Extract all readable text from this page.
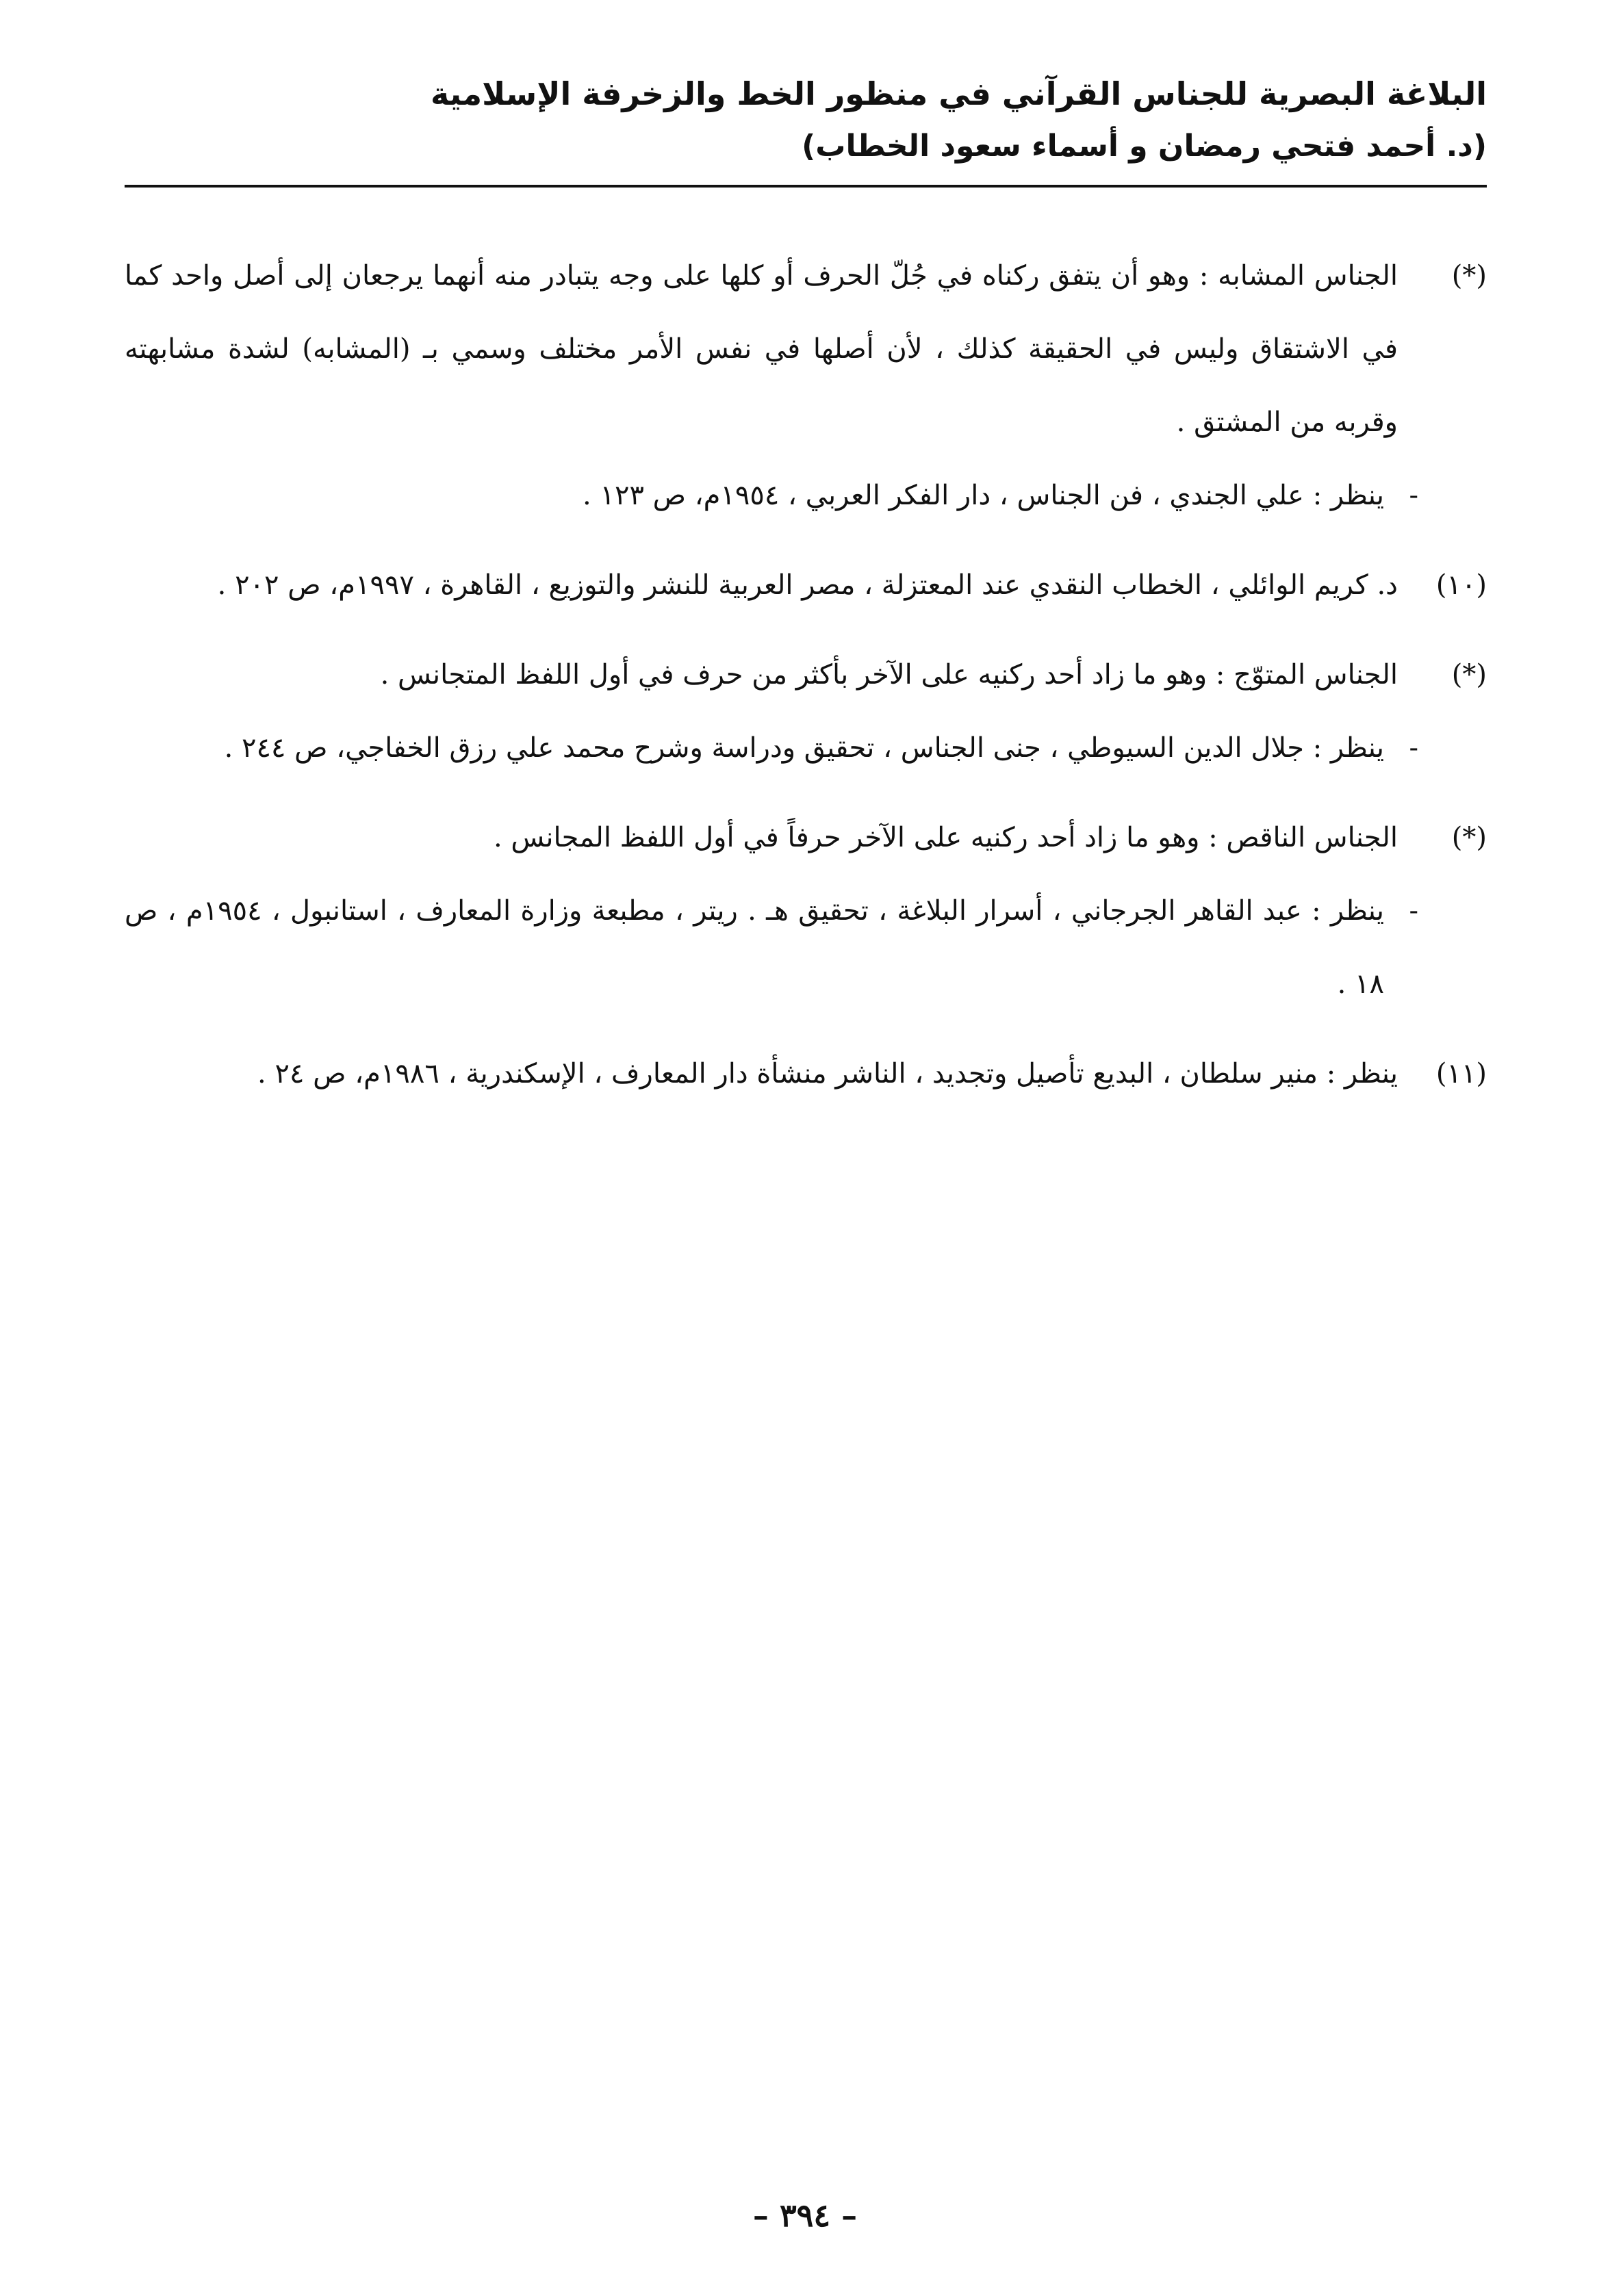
البلاغة البصرية للجناس القرآني في منظور الخط والزخرفة الإسلامية
(د. أحمد فتحي رمضان و أسماء سعود الخطاب)
(*)
الجناس المشابه : وهو أن يتفق ركناه في جُلّ الحرف أو كلها على وجه يتبادر منه أنهما يرجعان إلى أصل واحد كما في الاشتقاق وليس في الحقيقة كذلك ، لأن أصلها في نفس الأمر مختلف وسمي بـ (المشابه) لشدة مشابهته وقربه من المشتق .
-
ينظر : علي الجندي ، فن الجناس ، دار الفكر العربي ، ١٩٥٤م، ص ١٢٣ .
(١٠)
د. كريم الوائلي ، الخطاب النقدي عند المعتزلة ، مصر العربية للنشر والتوزيع ، القاهرة ، ١٩٩٧م، ص ٢٠٢ .
(*)
الجناس المتوّج : وهو ما زاد أحد ركنيه على الآخر بأكثر من حرف في أول اللفظ المتجانس .
-
ينظر : جلال الدين السيوطي ، جنى الجناس ، تحقيق ودراسة وشرح محمد علي رزق الخفاجي، ص ٢٤٤ .
(*)
الجناس الناقص : وهو ما زاد أحد ركنيه على الآخر حرفاً في أول اللفظ المجانس .
-
ينظر : عبد القاهر الجرجاني ، أسرار البلاغة ، تحقيق هـ . ريتر ، مطبعة وزارة المعارف ، استانبول ، ١٩٥٤م ، ص ١٨ .
(١١)
ينظر : منير سلطان ، البديع تأصيل وتجديد ، الناشر منشأة دار المعارف ، الإسكندرية ، ١٩٨٦م، ص ٢٤ .
– ٣٩٤ –
